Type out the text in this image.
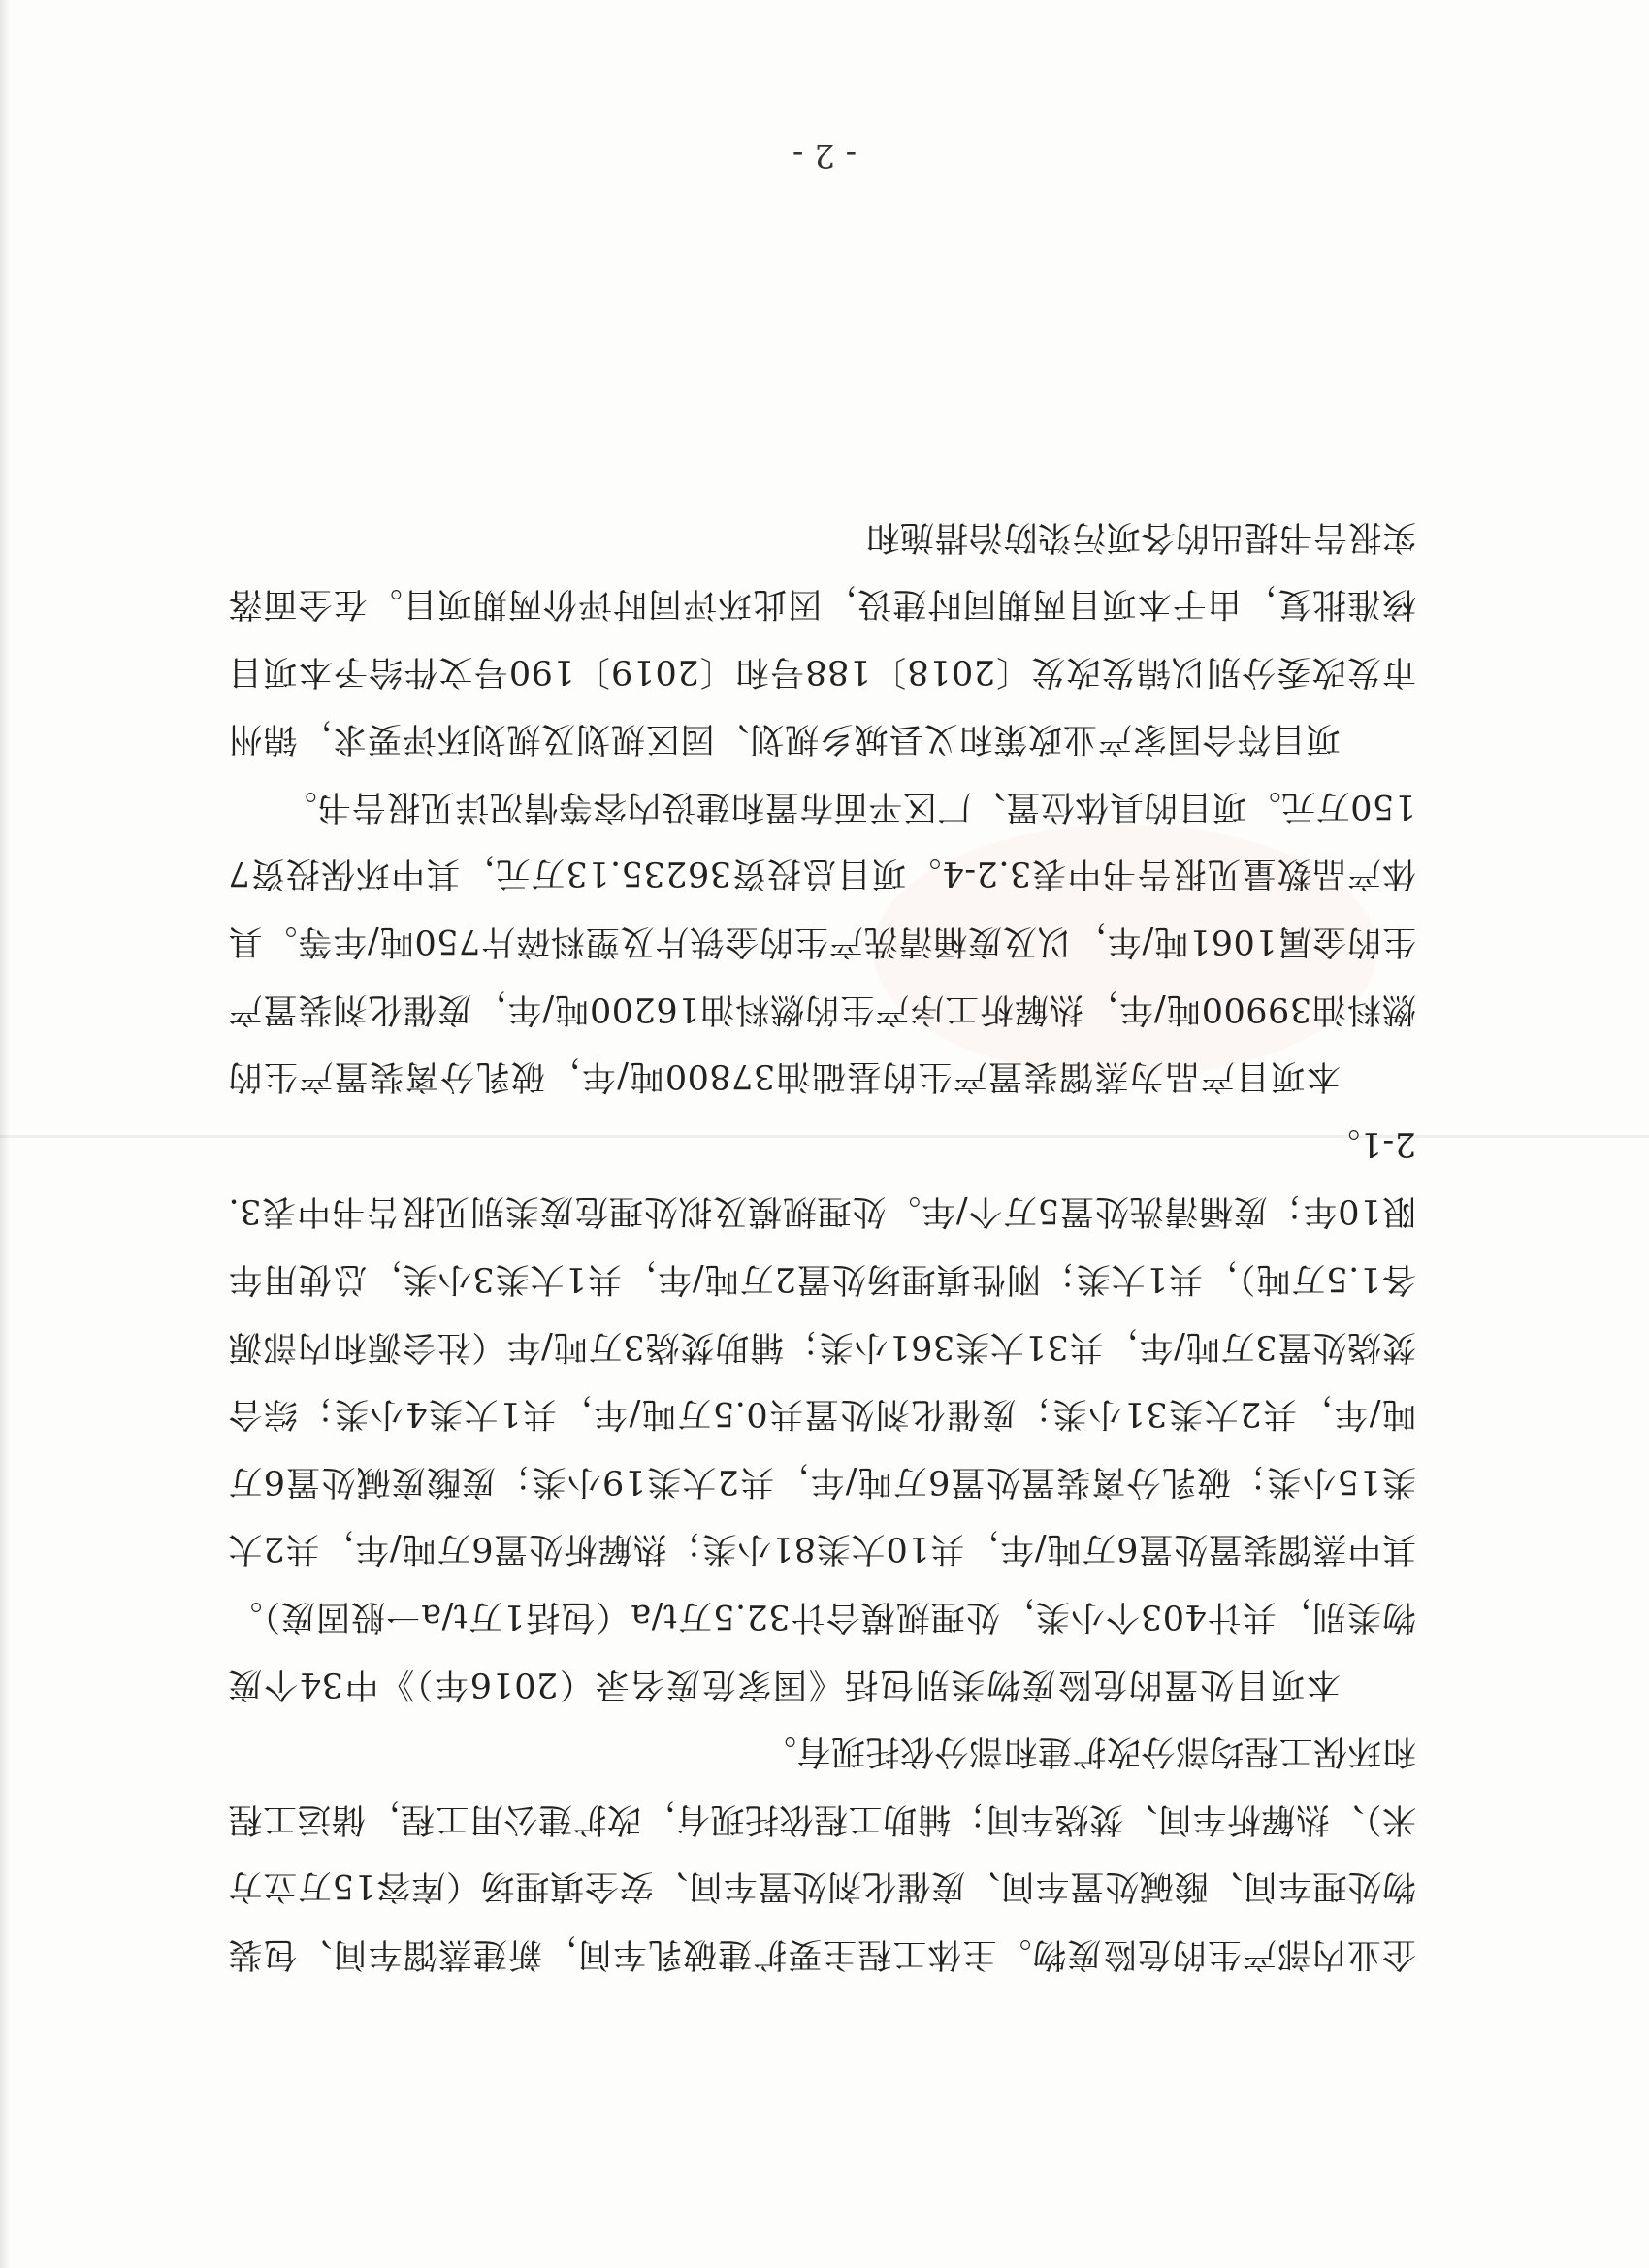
- 2 -

企业内部产生的危险废物。主体工程主要扩建破乳车间，新建蒸馏车间、包装物处理车间、酸碱处置车间、废催化剂处置车间、安全填埋场（库容15万立方米）、热解析车间、焚烧车间；辅助工程依托现有，改扩建公用工程，储运工程和环保工程均部分改扩建和部分依托现有。

本项目处置的危险废物类别包括《国家危废名录（2016年）》中34个废物类别，共计403个小类，处理规模合计32.5万t/a（包括1万t/a一般固废）。其中蒸馏装置处置6万吨/年，共10大类81小类；热解析处置6万吨/年，共2大类15小类；破乳分离装置处置6万吨/年，共2大类19小类；废酸废碱处置6万吨/年，共2大类31小类；废催化剂处置共0.5万吨/年，共1大类4小类；综合焚烧处置3万吨/年，共31大类361小类；辅助焚烧3万吨/年（社会源和内部源各1.5万吨），共1大类；刚性填埋场处置2万吨/年，共1大类3小类，总使用年限10年；废桶清洗处置5万个/年。处理规模及拟处理危废类别见报告书中表3.2-1。

本项目产品为蒸馏装置产生的基础油37800吨/年，破乳分离装置产生的燃料油39900吨/年，热解析工序产生的燃料油16200吨/年，废催化剂装置产生的金属1061吨/年，以及废桶清洗产生的金铁片及塑料碎片750吨/年等。具体产品数量见报告书中表3.2-4。项目总投资36235.13万元，其中环保投资7150万元。项目的具体位置、厂区平面布置和建设内容等情况详见报告书。

项目符合国家产业政策和义县城乡规划、园区规划及规划环评要求，锦州市发改委分别以锦发改发〔2018〕188号和〔2019〕190号文件给予本项目核准批复，由于本项目两期同时建设，因此环评同时评价两期项目。在全面落实报告书提出的各项污染防治措施和
